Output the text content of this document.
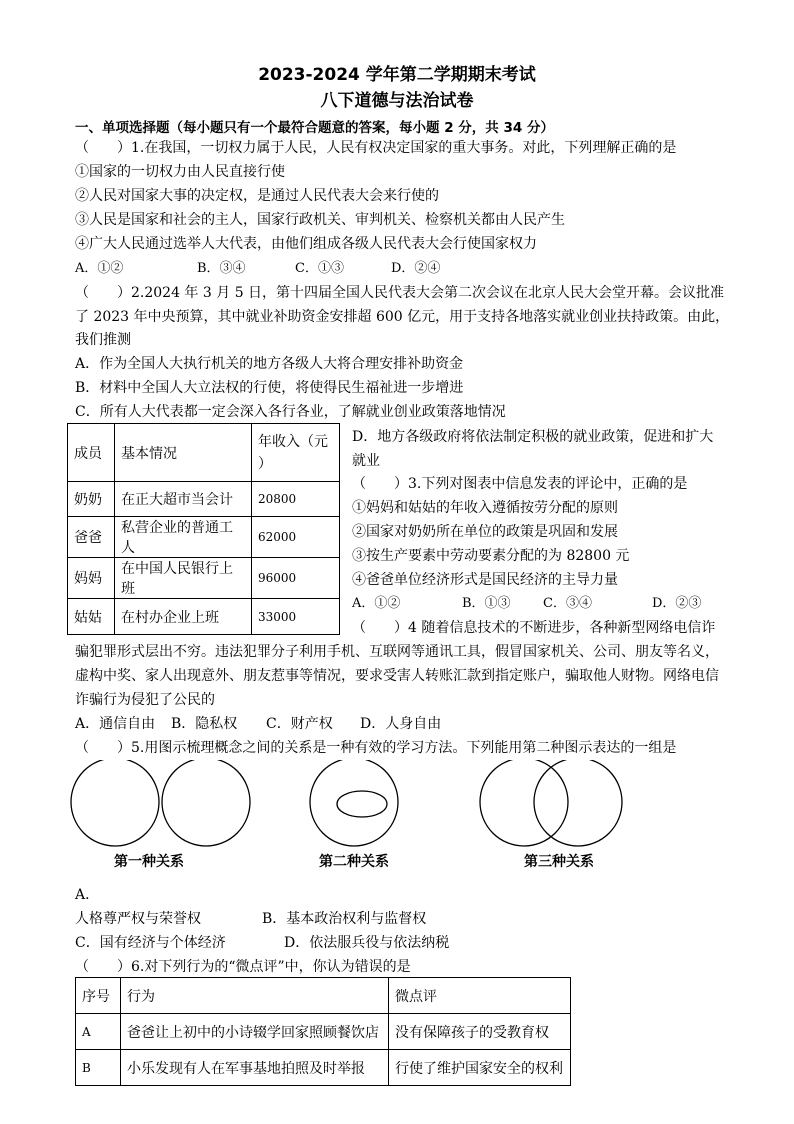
2023-2024 学年第二学期期末考试
八下道德与法治试卷
一、单项选择题（每小题只有一个最符合题意的答案，每小题 2 分，共 34 分）
（　　）1.在我国，一切权力属于人民，人民有权决定国家的重大事务。对此，下列理解正确的是
①国家的一切权力由人民直接行使
②人民对国家大事的决定权，是通过人民代表大会来行使的
③人民是国家和社会的主人，国家行政机关、审判机关、检察机关都由人民产生
④广大人民通过选举人大代表，由他们组成各级人民代表大会行使国家权力
A．①②	B．③④	C．①③	D．②④
（　　）2.2024 年 3 月 5 日，第十四届全国人民代表大会第二次会议在北京人民大会堂开幕。会议批准
了 2023 年中央预算，其中就业补助资金安排超 600 亿元，用于支持各地落实就业创业扶持政策。由此，
我们推测
A．作为全国人大执行机关的地方各级人大将合理安排补助资金
B．材料中全国人大立法权的行使，将使得民生福祉进一步增进
C．所有人大代表都一定会深入各行各业，了解就业创业政策落地情况
D．地方各级政府将依法制定积极的就业政策，促进和扩大
就业
成员	基本情况	年收入（元
）
奶奶	在正大超市当会计	20800
爸爸	私营企业的普通工人	62000
妈妈	在中国人民银行上班	96000
姑姑	在村办企业上班	33000
（　　）3.下列对图表中信息发表的评论中，正确的是
①妈妈和姑姑的年收入遵循按劳分配的原则
②国家对奶奶所在单位的政策是巩固和发展
③按生产要素中劳动要素分配的为 82800 元
④爸爸单位经济形式是国民经济的主导力量
A．①②	B．①③ C．③④	D．②③
（　　）4 随着信息技术的不断进步，各种新型网络电信诈
骗犯罪形式层出不穷。违法犯罪分子利用手机、互联网等通讯工具，假冒国家机关、公司、朋友等名义，
虚构中奖、家人出现意外、朋友惹事等情况，要求受害人转账汇款到指定账户，骗取他人财物。网络电信
诈骗行为侵犯了公民的
A．通信自由 B．隐私权 C．财产权 D．人身自由
（　　）5.用图示梳理概念之间的关系是一种有效的学习方法。下列能用第二种图示表达的一组是
第一种关系	第二种关系	第三种关系
A．
人格尊严权与荣誉权	B．基本政治权利与监督权
C．国有经济与个体经济	D．依法服兵役与依法纳税
（　　）6.对下列行为的“微点评”中，你认为错误的是
序号	行为	微点评
A	爸爸让上初中的小诗辍学回家照顾餐饮店	没有保障孩子的受教育权
B	小乐发现有人在军事基地拍照及时举报	行使了维护国家安全的权利
